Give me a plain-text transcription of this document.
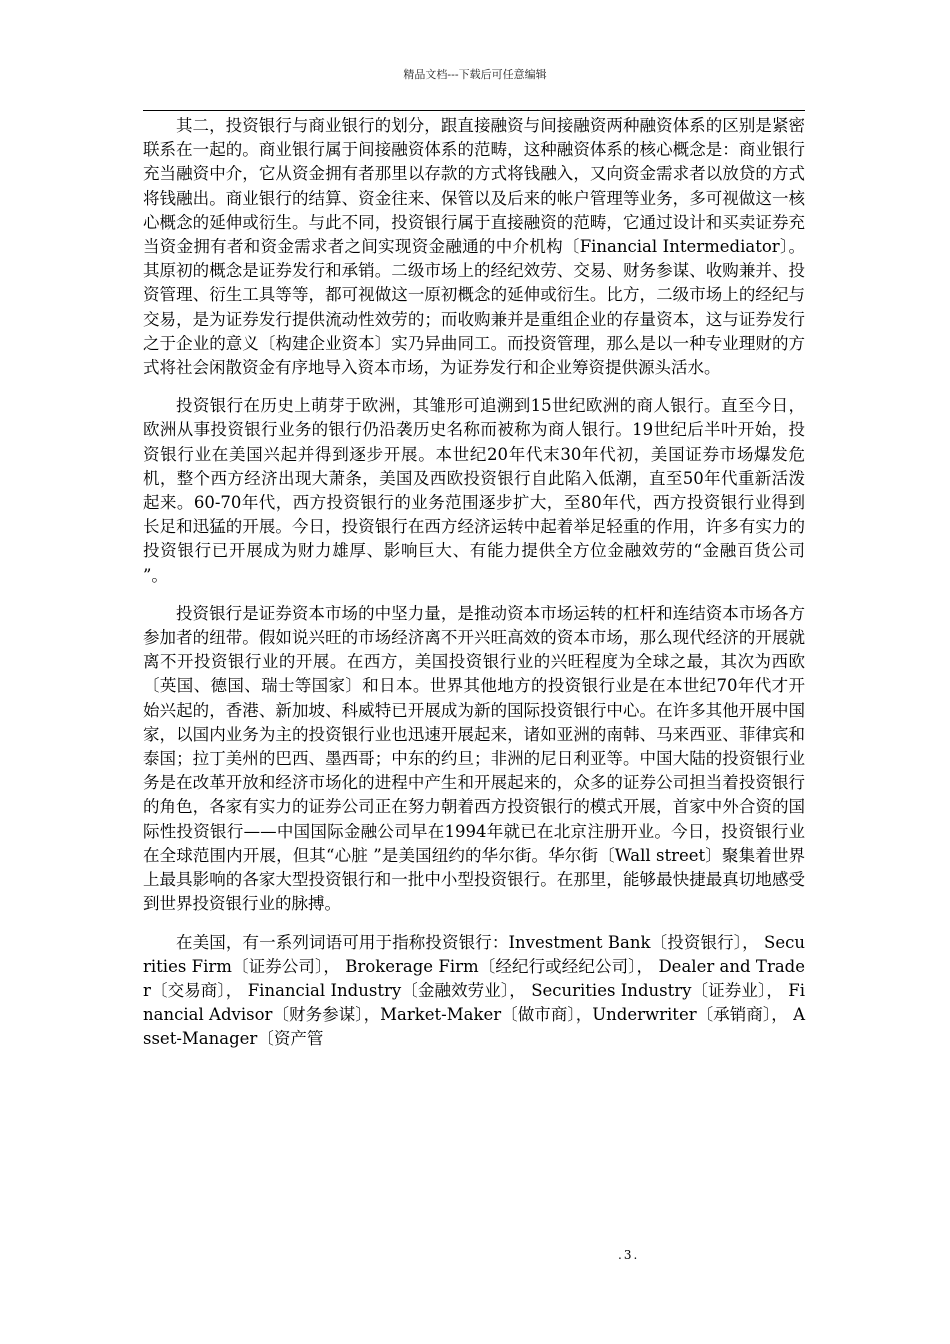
精品文档---下载后可任意编辑

其二，投资银行与商业银行的划分，跟直接融资与间接融资两种融资体系的区别是紧密联系在一起的。商业银行属于间接融资体系的范畴，这种融资体系的核心概念是：商业银行充当融资中介，它从资金拥有者那里以存款的方式将钱融入，又向资金需求者以放贷的方式将钱融出。商业银行的结算、资金往来、保管以及后来的帐户管理等业务，多可视做这一核心概念的延伸或衍生。与此不同，投资银行属于直接融资的范畴，它通过设计和买卖证券充当资金拥有者和资金需求者之间实现资金融通的中介机构〔Financial Intermediator〕。其原初的概念是证券发行和承销。二级市场上的经纪效劳、交易、财务参谋、收购兼并、投资管理、衍生工具等等，都可视做这一原初概念的延伸或衍生。比方，二级市场上的经纪与交易，是为证券发行提供流动性效劳的；而收购兼并是重组企业的存量资本，这与证券发行之于企业的意义〔构建企业资本〕实乃异曲同工。而投资管理，那么是以一种专业理财的方式将社会闲散资金有序地导入资本市场，为证券发行和企业筹资提供源头活水。

投资银行在历史上萌芽于欧洲，其雏形可追溯到15世纪欧洲的商人银行。直至今日， 欧洲从事投资银行业务的银行仍沿袭历史名称而被称为商人银行。19世纪后半叶开始，投资银行业在美国兴起并得到逐步开展。本世纪20年代末30年代初，美国证券市场爆发危机，整个西方经济出现大萧条，美国及西欧投资银行自此陷入低潮，直至50年代重新活泼起来。60-70年代，西方投资银行的业务范围逐步扩大，至80年代，西方投资银行业得到长足和迅猛的开展。今日，投资银行在西方经济运转中起着举足轻重的作用，许多有实力的投资银行已开展成为财力雄厚、影响巨大、有能力提供全方位金融效劳的“金融百货公司 ”。

投资银行是证券资本市场的中坚力量，是推动资本市场运转的杠杆和连结资本市场各方参加者的纽带。假如说兴旺的市场经济离不开兴旺高效的资本市场，那么现代经济的开展就离不开投资银行业的开展。在西方，美国投资银行业的兴旺程度为全球之最，其次为西欧〔英国、德国、瑞士等国家〕和日本。世界其他地方的投资银行业是在本世纪70年代才开始兴起的，香港、新加坡、科威特已开展成为新的国际投资银行中心。在许多其他开展中国家，以国内业务为主的投资银行业也迅速开展起来，诸如亚洲的南韩、马来西亚、菲律宾和泰国；拉丁美州的巴西、墨西哥；中东的约旦；非洲的尼日利亚等。中国大陆的投资银行业务是在改革开放和经济市场化的进程中产生和开展起来的，众多的证券公司担当着投资银行的角色，各家有实力的证券公司正在努力朝着西方投资银行的模式开展，首家中外合资的国际性投资银行——中国国际金融公司早在1994年就已在北京注册开业。今日，投资银行业在全球范围内开展，但其“心脏 ”是美国纽约的华尔街。华尔街〔Wall street〕聚集着世界上最具影响的各家大型投资银行和一批中小型投资银行。在那里，能够最快捷最真切地感受到世界投资银行业的脉搏。

在美国，有一系列词语可用于指称投资银行：Investment Bank〔投资银行〕， Securities Firm〔证券公司〕， Brokerage Firm〔经纪行或经纪公司〕， Dealer and Trader〔交易商〕， Financial Industry〔金融效劳业〕， Securities Industry〔证券业〕， Financial Advisor〔财务参谋〕，Market-Maker〔做市商〕，Underwriter〔承销商〕， Asset-Manager〔资产管

.3.
